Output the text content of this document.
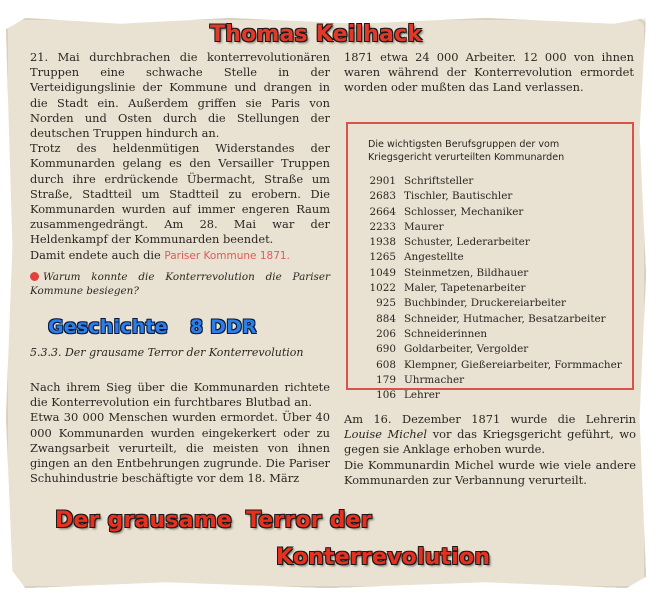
21. Mai durchbrachen die konterrevolutionären Truppen eine schwache Stelle in der Verteidigungslinie der Kommune und drangen in die Stadt ein. Außerdem griffen sie Paris von Norden und Osten durch die Stellungen der deutschen Truppen hindurch an.

Trotz des heldenmütigen Widerstandes der Kommunarden gelang es den Versailler Truppen durch ihre erdrückende Übermacht, Straße um Straße, Stadtteil um Stadtteil zu erobern. Die Kommunarden wurden auf immer engeren Raum zusammengedrängt. Am 28. Mai war der Heldenkampf der Kommunarden beendet.

Damit endete auch die Pariser Kommune 1871.

Warum konnte die Konterrevolution die Pariser Kommune besiegen?

5.3.3. Der grausame Terror der Konterrevolution

Nach ihrem Sieg über die Kommunarden richtete die Konterrevolution ein furchtbares Blutbad an.

Etwa 30 000 Menschen wurden ermordet. Über 40 000 Kommunarden wurden eingekerkert oder zu Zwangsarbeit verurteilt, die meisten von ihnen gingen an den Entbehrungen zugrunde. Die Pariser Schuhindustrie beschäftigte vor dem 18. März

1871 etwa 24 000 Arbeiter. 12 000 von ihnen waren während der Konterrevolution ermordet worden oder mußten das Land verlassen.

Die wichtigsten Berufsgruppen der vom Kriegsgericht verurteilten Kommunarden
2901 Schriftsteller
2683 Tischler, Bautischler
2664 Schlosser, Mechaniker
2233 Maurer
1938 Schuster, Lederarbeiter
1265 Angestellte
1049 Steinmetzen, Bildhauer
1022 Maler, Tapetenarbeiter
925 Buchbinder, Druckereiarbeiter
884 Schneider, Hutmacher, Besatzarbeiter
206 Schneiderinnen
690 Goldarbeiter, Vergolder
608 Klempner, Gießereiarbeiter, Formmacher
179 Uhrmacher
106 Lehrer

Am 16. Dezember 1871 wurde die Lehrerin Louise Michel vor das Kriegsgericht geführt, wo gegen sie Anklage erhoben wurde.

Die Kommunardin Michel wurde wie viele andere Kommunarden zur Verbannung verurteilt.

Thomas Keilhack
Geschichte 8 DDR
Der grausame Terror der
Konterrevolution
